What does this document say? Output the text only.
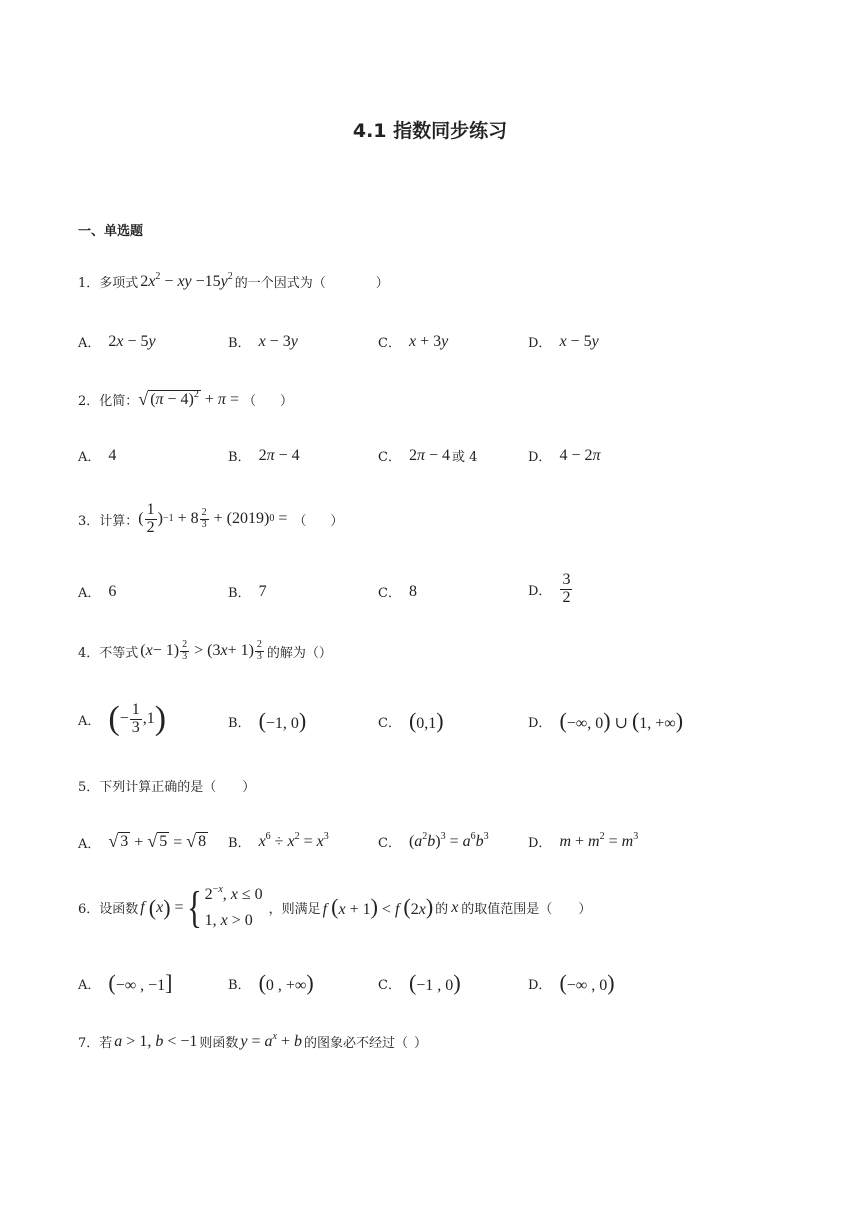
4.1 指数同步练习
一、单选题
1． 多项式 $2x^2$ − xy $-15y^2$ 的一个因式为（	）
A． 2x − 5y	B． x − 3y	C． x + 3y	D． x − 5y
2． 化简： √ $(\pi - 4)^2 + \pi$ = （ ）
A． 4	B． 2π − 4	C． 2π − 4 或 4	D． 4 − 2π
3． 计算： ( $\frac{1}{2}$ ) $-1 + 8 \frac{2}{3} + (2019) 0$ = （ ）
A． 6	B． 7	C． 8	D． $\frac{3}{2}$
4． 不等式 ( $x - 1) \frac{2}{3} > (3$ $x + 1) \frac{2}{3}$ 的解为（）
A． ( − $\frac{1}{3} ,1$ )	B． (−1, 0)	C． (0,1)	D． (−∞, 0) ∪ (1, +∞)
5． 下列计算正确的是（ ）
A． √ 3 + √ 5 = √ 8 B． $x^6 \div x^2 = x^3$	C． $(a^2b)^3 = a^6b^3$	D． $m + m^2 = m^3$
6． 设函数 f
( x ) = { $2^{-x}$, x ≤ 0
1, x > 0
，则满足 f (x + 1) < f (2x) 的 x 的取值范围是（ ）
A． (−∞ , −1]	B． (0 , +∞)	C． (−1 , 0)	D． (−∞ , 0)
7． 若 a > 1, b < −1 则函数 $y = a^x + b$ 的图象必不经过（ ）
